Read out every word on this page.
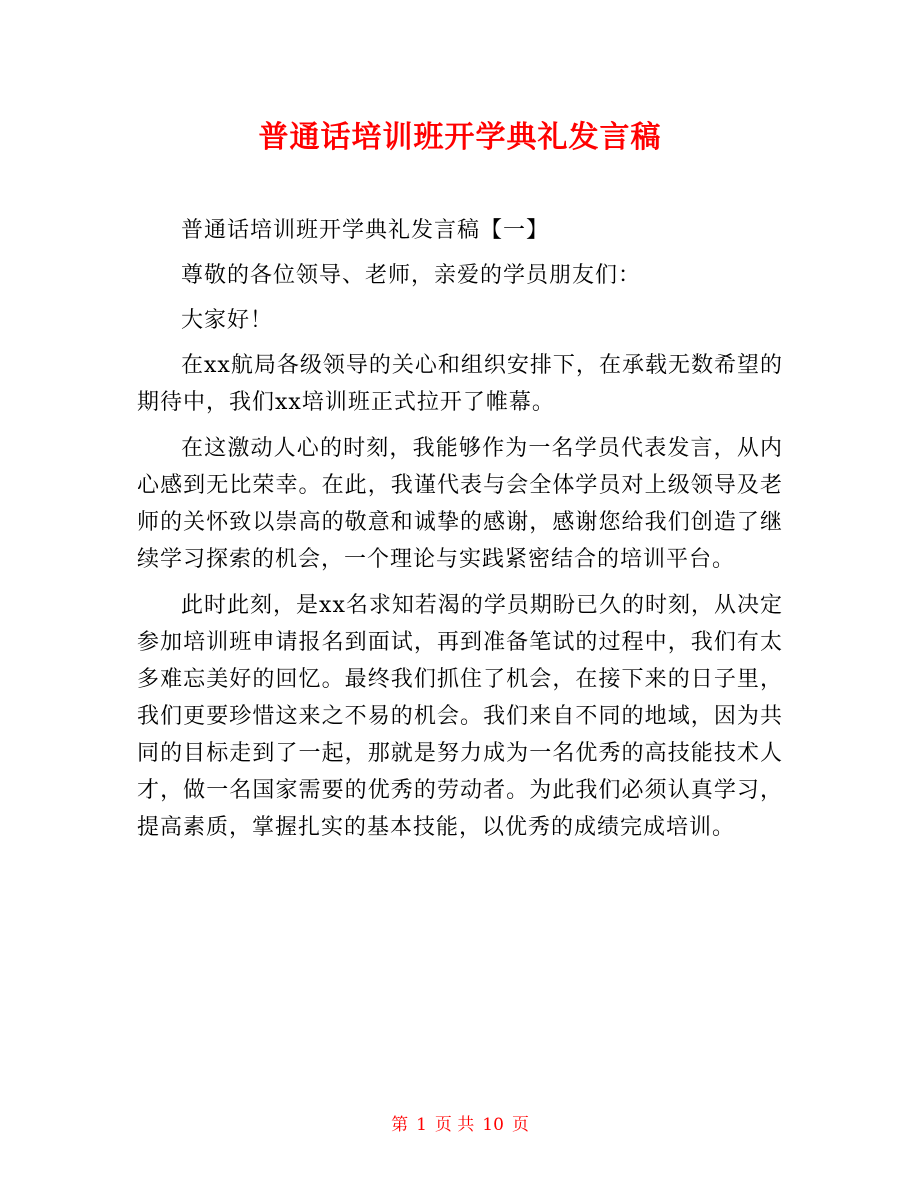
普通话培训班开学典礼发言稿

普通话培训班开学典礼发言稿【一】

尊敬的各位领导、老师，亲爱的学员朋友们：

大家好！

在xx航局各级领导的关心和组织安排下，在承载无数希望的期待中，我们xx培训班正式拉开了帷幕。

在这激动人心的时刻，我能够作为一名学员代表发言，从内心感到无比荣幸。在此，我谨代表与会全体学员对上级领导及老师的关怀致以崇高的敬意和诚挚的感谢，感谢您给我们创造了继续学习探索的机会，一个理论与实践紧密结合的培训平台。

此时此刻，是xx名求知若渴的学员期盼已久的时刻，从决定参加培训班申请报名到面试，再到准备笔试的过程中，我们有太多难忘美好的回忆。最终我们抓住了机会，在接下来的日子里，我们更要珍惜这来之不易的机会。我们来自不同的地域，因为共同的目标走到了一起，那就是努力成为一名优秀的高技能技术人才，做一名国家需要的优秀的劳动者。为此我们必须认真学习，提高素质，掌握扎实的基本技能，以优秀的成绩完成培训。

第 1 页 共 10 页
